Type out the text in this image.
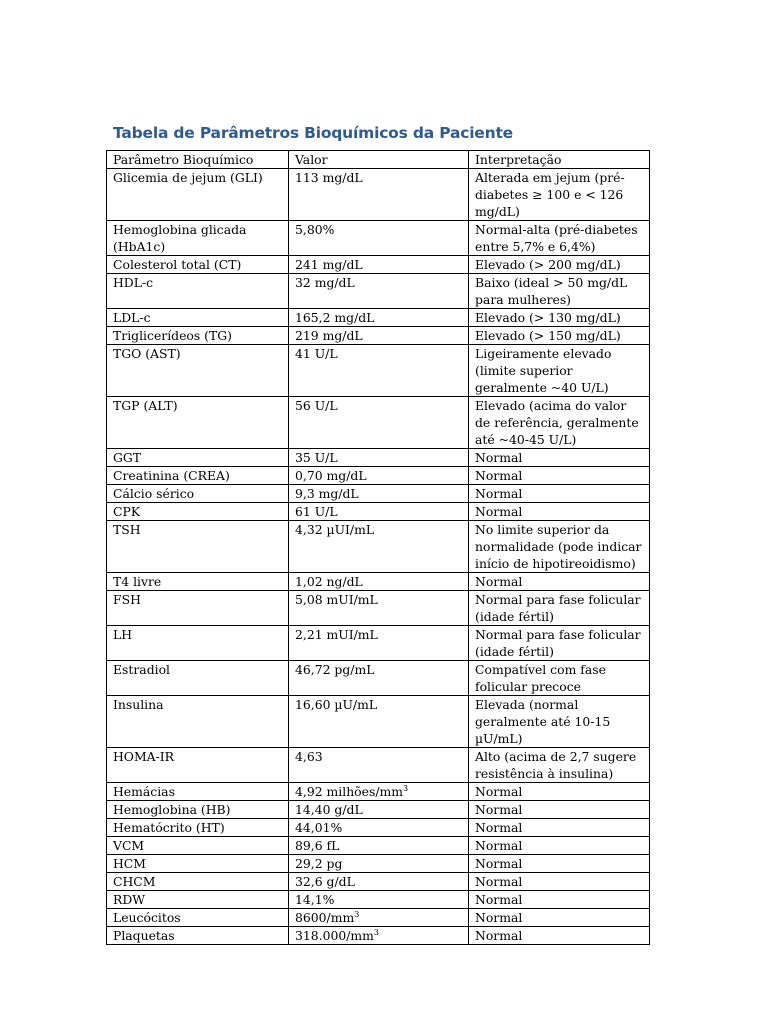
Tabela de Parâmetros Bioquímicos da Paciente
Parâmetro Bioquímico	Valor	Interpretação
Glicemia de jejum (GLI)	113 mg/dL	Alterada em jejum (pré-diabetes ≥ 100 e < 126 mg/dL)
Hemoglobina glicada (HbA1c)	5,80%	Normal-alta (pré-diabetes entre 5,7% e 6,4%)
Colesterol total (CT)	241 mg/dL	Elevado (> 200 mg/dL)
HDL-c	32 mg/dL	Baixo (ideal > 50 mg/dL para mulheres)
LDL-c	165,2 mg/dL	Elevado (> 130 mg/dL)
Triglicerídeos (TG)	219 mg/dL	Elevado (> 150 mg/dL)
TGO (AST)	41 U/L	Ligeiramente elevado (limite superior geralmente ~40 U/L)
TGP (ALT)	56 U/L	Elevado (acima do valor de referência, geralmente até ~40-45 U/L)
GGT	35 U/L	Normal
Creatinina (CREA)	0,70 mg/dL	Normal
Cálcio sérico	9,3 mg/dL	Normal
CPK	61 U/L	Normal
TSH	4,32 µUI/mL	No limite superior da normalidade (pode indicar início de hipotireoidismo)
T4 livre	1,02 ng/dL	Normal
FSH	5,08 mUI/mL	Normal para fase folicular (idade fértil)
LH	2,21 mUI/mL	Normal para fase folicular (idade fértil)
Estradiol	46,72 pg/mL	Compatível com fase folicular precoce
Insulina	16,60 µU/mL	Elevada (normal geralmente até 10-15 µU/mL)
HOMA-IR	4,63	Alto (acima de 2,7 sugere resistência à insulina)
Hemácias	4,92 milhões/$mm^3$	Normal
Hemoglobina (HB)	14,40 g/dL	Normal
Hematócrito (HT)	44,01%	Normal
VCM	89,6 fL	Normal
HCM	29,2 pg	Normal
CHCM	32,6 g/dL	Normal
RDW	14,1%	Normal
Leucócitos	$8600/mm^3$	Normal
Plaquetas	$318.000/mm^3$	Normal
